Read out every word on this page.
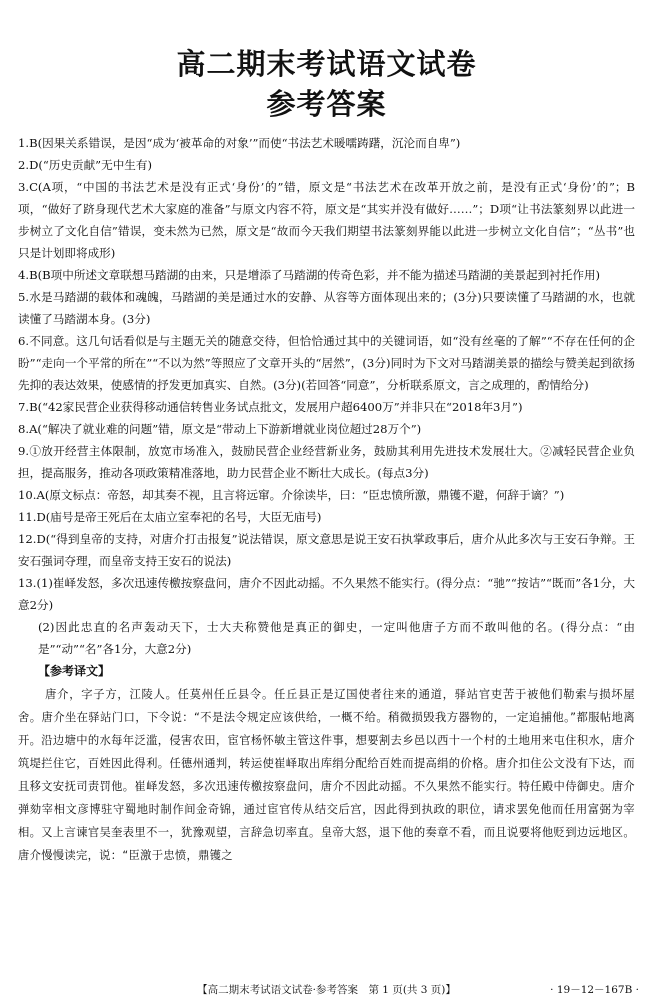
高二期末考试语文试卷
参考答案
1.B(因果关系错误，是因“成为‘被革命的对象’”而使“书法艺术暖嚅踌躇，沉沦而自卑”)
2.D(“历史贡献”无中生有)
3.C(A项，“中国的书法艺术是没有正式‘身份’的”错，原文是“书法艺术在改革开放之前，是没有正式‘身份’的”；B项，“做好了跻身现代艺术大家庭的准备”与原文内容不符，原文是“其实并没有做好……”；D项“让书法篆刻界以此进一步树立了文化自信”错误，变未然为已然，原文是“故而今天我们期望书法篆刻界能以此进一步树立文化自信”；“丛书”也只是计划即将成形)
4.B(B项中所述文章联想马踏湖的由来，只是增添了马踏湖的传奇色彩，并不能为描述马踏湖的美景起到衬托作用)
5.水是马踏湖的载体和魂魄，马踏湖的美是通过水的安静、从容等方面体现出来的；(3分)只要读懂了马踏湖的水，也就读懂了马踏湖本身。(3分)
6.不同意。这几句话看似是与主题无关的随意交待，但恰恰通过其中的关键词语，如“没有丝毫的了解”“不存在任何的企盼”“走向一个平常的所在”“不以为然”等照应了文章开头的“居然”，(3分)同时为下文对马踏湖美景的描绘与赞美起到欲扬先抑的表达效果，使感情的抒发更加真实、自然。(3分)(若回答“同意”，分析联系原文，言之成理的，酌情给分)
7.B(“42家民营企业获得移动通信转售业务试点批文，发展用户超6400万”并非只在“2018年3月”)
8.A(“解决了就业难的问题”错，原文是“带动上下游新增就业岗位超过28万个”)
9.①放开经营主体限制，放宽市场准入，鼓励民营企业经营新业务，鼓励其利用先进技术发展壮大。②减轻民营企业负担，提高服务，推动各项政策精准落地，助力民营企业不断壮大成长。(每点3分)
10.A(原文标点：帝怒，却其奏不视，且言将远窜。介徐读毕，曰：“臣忠愤所激，鼎镬不避，何辞于谪？”)
11.D(庙号是帝王死后在太庙立室奉祀的名号，大臣无庙号)
12.D(“得到皇帝的支持，对唐介打击报复”说法错误，原文意思是说王安石执掌政事后，唐介从此多次与王安石争辩。王安石强词夺理，而皇帝支持王安石的说法)
13.(1)崔峄发怒，多次迅速传檄按察盘问，唐介不因此动摇。不久果然不能实行。(得分点：“驰”“按诘”“既而”各1分，大意2分)
(2)因此忠直的名声轰动天下，士大夫称赞他是真正的御史，一定叫他唐子方而不敢叫他的名。(得分点：“由是”“动”“名”各1分，大意2分)
【参考译文】
唐介，字子方，江陵人。任莫州任丘县令。任丘县正是辽国使者往来的通道，驿站官吏苦于被他们勒索与损坏屋舍。唐介坐在驿站门口，下令说：“不是法令规定应该供给，一概不给。稍微损毁我方器物的，一定追捕他。”都服帖地离开。沿边塘中的水每年泛滥，侵害农田，宦官杨怀敏主管这件事，想要割去乡邑以西十一个村的土地用来屯住积水，唐介筑堤拦住它，百姓因此得利。任德州通判，转运使崔峄取出库绢分配给百姓而提高绢的价格。唐介扣住公文没有下达，而且移文安抚司责罚他。崔峄发怒，多次迅速传檄按察盘问，唐介不因此动摇。不久果然不能实行。特任殿中侍御史。唐介弹劾宰相文彦博驻守蜀地时制作间金奇锦，通过宦官传从结交后宫，因此得到执政的职位，请求罢免他而任用富弼为宰相。又上言谏官吴奎表里不一，犹豫观望，言辞急切率直。皇帝大怒，退下他的奏章不看，而且说要将他贬到边远地区。唐介慢慢读完，说：“臣激于忠愤，鼎镬之
【高二期末考试语文试卷·参考答案　第 1 页(共 3 页)】	· 19－12－167B ·
